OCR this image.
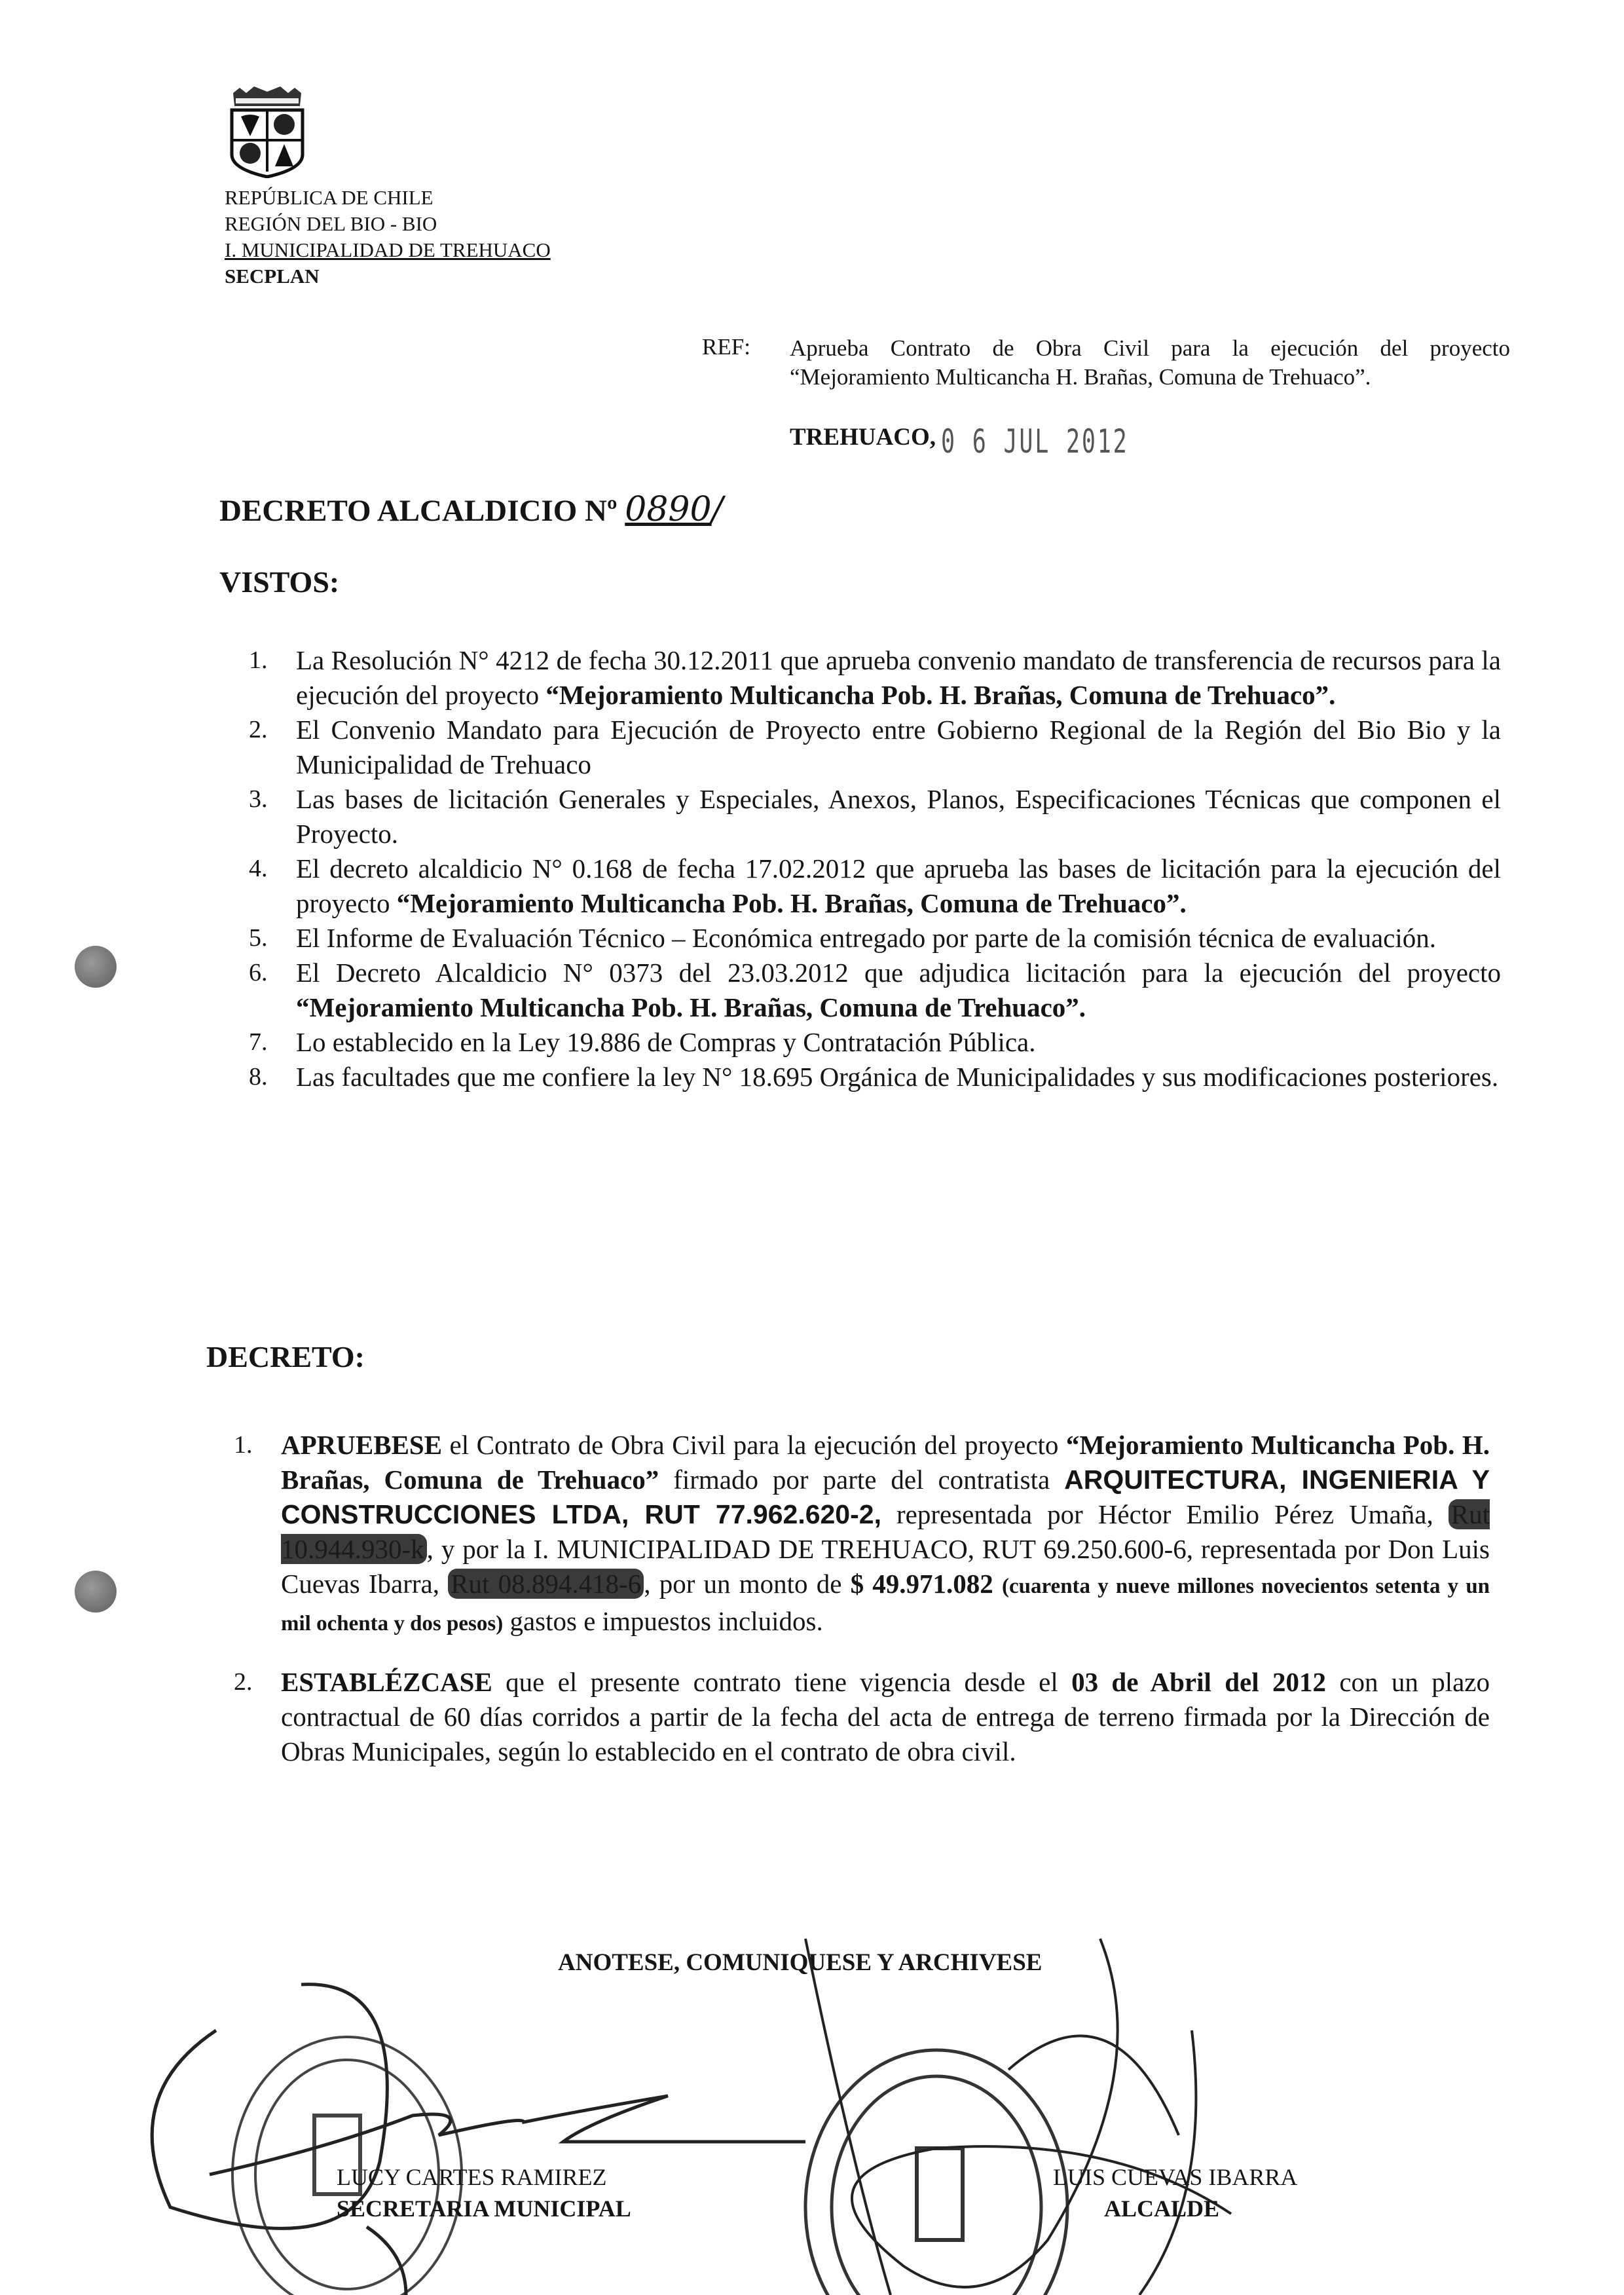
REPÚBLICA DE CHILE
REGIÓN DEL BIO - BIO
I. MUNICIPALIDAD DE TREHUACO
SECPLAN
REF: Aprueba Contrato de Obra Civil para la ejecución del proyecto “Mejoramiento Multicancha H. Brañas, Comuna de Trehuaco”.
TREHUACO, 0 6 JUL 2012
DECRETO ALCALDICIO Nº 0890/
VISTOS:
1. La Resolución N° 4212 de fecha 30.12.2011 que aprueba convenio mandato de transferencia de recursos para la ejecución del proyecto “Mejoramiento Multicancha Pob. H. Brañas, Comuna de Trehuaco”.
2. El Convenio Mandato para Ejecución de Proyecto entre Gobierno Regional de la Región del Bio Bio y la Municipalidad de Trehuaco
3. Las bases de licitación Generales y Especiales, Anexos, Planos, Especificaciones Técnicas que componen el Proyecto.
4. El decreto alcaldicio N° 0.168 de fecha 17.02.2012 que aprueba las bases de licitación para la ejecución del proyecto “Mejoramiento Multicancha Pob. H. Brañas, Comuna de Trehuaco”.
5. El Informe de Evaluación Técnico – Económica entregado por parte de la comisión técnica de evaluación.
6. El Decreto Alcaldicio N° 0373 del 23.03.2012 que adjudica licitación para la ejecución del proyecto “Mejoramiento Multicancha Pob. H. Brañas, Comuna de Trehuaco”.
7. Lo establecido en la Ley 19.886 de Compras y Contratación Pública.
8. Las facultades que me confiere la ley N° 18.695 Orgánica de Municipalidades y sus modificaciones posteriores.
DECRETO:
1. APRUEBESE el Contrato de Obra Civil para la ejecución del proyecto “Mejoramiento Multicancha Pob. H. Brañas, Comuna de Trehuaco” firmado por parte del contratista ARQUITECTURA, INGENIERIA Y CONSTRUCCIONES LTDA, RUT 77.962.620-2, representada por Héctor Emilio Pérez Umaña, Rut 10.944.930-k, y por la I. MUNICIPALIDAD DE TREHUACO, RUT 69.250.600-6, representada por Don Luis Cuevas Ibarra, Rut 08.894.418-6, por un monto de $ 49.971.082 (cuarenta y nueve millones novecientos setenta y un mil ochenta y dos pesos) gastos e impuestos incluidos.
2. ESTABLÉZCASE que el presente contrato tiene vigencia desde el 03 de Abril del 2012 con un plazo contractual de 60 días corridos a partir de la fecha del acta de entrega de terreno firmada por la Dirección de Obras Municipales, según lo establecido en el contrato de obra civil.
ANOTESE, COMUNIQUESE Y ARCHIVESE
LUCY CARTES RAMIREZ
SECRETARIA MUNICIPAL
LUIS CUEVAS IBARRA
ALCALDE
